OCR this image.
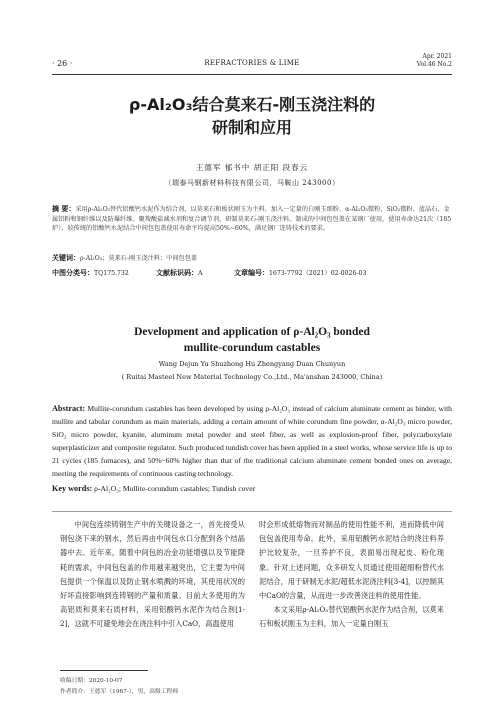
· 26 ·	REFRACTORIES & LIME
Apr. 2021
Vol.46 No.2
ρ-Al₂O₃结合莫来石-刚玉浇注料的
研制和应用
王德军 郁书中 胡正阳 段春云
（瑞泰马钢新材料科技有限公司，马鞍山 243000）
摘 要：采用ρ-Al₂O₃替代铝酸钙水泥作为结合剂，以莫来石和板状刚玉为主料，加入一定量的白刚玉细粉、α-Al₂O₃微粉、SiO₂微粉、蓝晶石、金属铝粉和钢纤维以及防爆纤维、聚羧酸盐减水剂和复合调节剂，研制莫来石-刚玉浇注料。制成的中间包包盖在某钢厂使用，使用寿命达21次（185炉），较传统的铝酸钙水泥结合中间包包盖使用寿命平均提高50%~60%，满足钢厂连铸技术的要求。
关键词：ρ-Al₂O₃；莫来石-刚玉浇注料；中间包包盖
中图分类号：TQ175.732	文献标识码：A	文章编号：1673-7792（2021）02-0026-03
Development and application of ρ-Al₂O₃ bonded
mullite-corundum castables
Wang Dejun Yu Shuzhong Hu Zhengyang Duan Chunyun
( Ruitai Masteel New Material Technology Co.,Ltd., Ma'anshan 243000, China)
Abstract: Mullite-corundum castables has been developed by using ρ-Al₂O₃ instead of calcium aluminate cement as binder, with mullite and tabular corundum as main materials, adding a certain amount of white corundum fine powder, α-Al₂O₃ micro powder, SiO₂ micro powder, kyanite, aluminum metal powder and steel fiber, as well as explosion-proof fiber, polycarboxylate superplasticizer and composite regulator. Such produced tundish cover has been applied in a steel works, whose service life is up to 21 cycles (185 furnaces), and 50%~60% higher than that of the traditional calcium aluminate cement bonded ones on average, meeting the requirements of continuous casting technology.
Key words: ρ-Al₂O₃; Mullite-corundum castables; Tundish cover

中间包连续铸钢生产中的关键设备之一，首先接受从钢包浇下来的钢水，然后再由中间包水口分配到各个结晶器中去。近年来，随着中间包的冶金功能增强以及节能降耗的需求，中间包包盖的作用越来越突出，它主要为中间包提供一个保温以及防止钢水喷溅的环境，其使用状况的好坏直接影响到连铸钢的产量和质量。目前大多使用的为高铝质和莫来石质材料，采用铝酸钙水泥作为结合剂[1-2]，这就不可避免地会在浇注料中引入CaO，高温使用

时会形成低熔物而对制品的使用性能不利，进而降低中间包包盖使用寿命。此外，采用铝酸钙水泥结合的浇注料养护比较复杂，一旦养护不良，表面易出现起皮、粉化现象。针对上述问题，众多研发人员通过使用超细粉替代水泥结合，用于研制无水泥/超低水泥浇注料[3-4]，以控制其中CaO的含量，从而进一步改善浇注料的使用性能。

本文采用ρ-Al₂O₃替代铝酸钙水泥作为结合剂，以莫来石和板状刚玉为主料，加入一定量白刚玉

收稿日期：2020-10-07
作者简介：王德军（1967-），男，高级工程师
